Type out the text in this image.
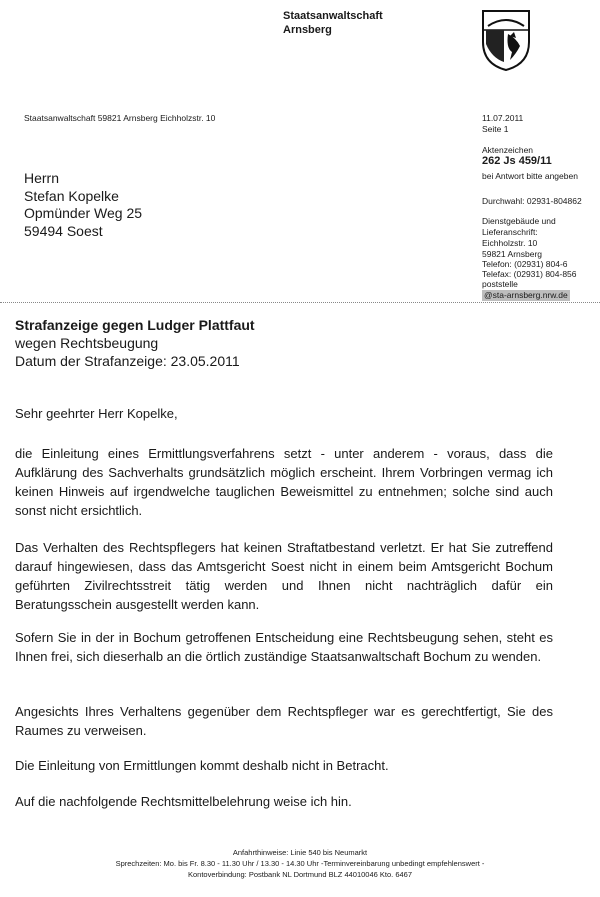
Staatsanwaltschaft
Arnsberg
Staatsanwaltschaft 59821 Arnsberg Eichholzstr. 10
Herrn
Stefan Kopelke
Opmünder Weg 25
59494 Soest
11.07.2011
Seite 1
Aktenzeichen
262 Js 459/11
bei Antwort bitte angeben
Durchwahl: 02931-804862
Dienstgebäude und
Lieferanschrift:
Eichholzstr. 10
59821 Arnsberg
Telefon: (02931) 804-6
Telefax: (02931) 804-856
poststelle
@sta-arnsberg.nrw.de
Strafanzeige gegen Ludger Plattfaut
wegen Rechtsbeugung
Datum der Strafanzeige: 23.05.2011
Sehr geehrter Herr Kopelke,
die Einleitung eines Ermittlungsverfahrens setzt - unter anderem - voraus, dass die Aufklärung des Sachverhalts grundsätzlich möglich erscheint. Ihrem Vorbringen vermag ich keinen Hinweis auf irgendwelche tauglichen Beweismittel zu entnehmen; solche sind auch sonst nicht ersichtlich.
Das Verhalten des Rechtspflegers hat keinen Straftatbestand verletzt. Er hat Sie zutreffend darauf hingewiesen, dass das Amtsgericht Soest nicht in einem beim Amtsgericht Bochum geführten Zivilrechtsstreit tätig werden und Ihnen nicht nachträglich dafür ein Beratungsschein ausgestellt werden kann.
Sofern Sie in der in Bochum getroffenen Entscheidung eine Rechtsbeugung sehen, steht es Ihnen frei, sich dieserhalb an die örtlich zuständige Staatsanwaltschaft Bochum zu wenden.
Angesichts Ihres Verhaltens gegenüber dem Rechtspfleger war es gerechtfertigt, Sie des Raumes zu verweisen.
Die Einleitung von Ermittlungen kommt deshalb nicht in Betracht.
Auf die nachfolgende Rechtsmittelbelehrung weise ich hin.
Anfahrthinweise: Linie 540 bis Neumarkt
Sprechzeiten: Mo. bis Fr. 8.30 - 11.30 Uhr / 13.30 - 14.30 Uhr -Terminvereinbarung unbedingt empfehlenswert -
Kontoverbindung: Postbank NL Dortmund BLZ 44010046 Kto. 6467
